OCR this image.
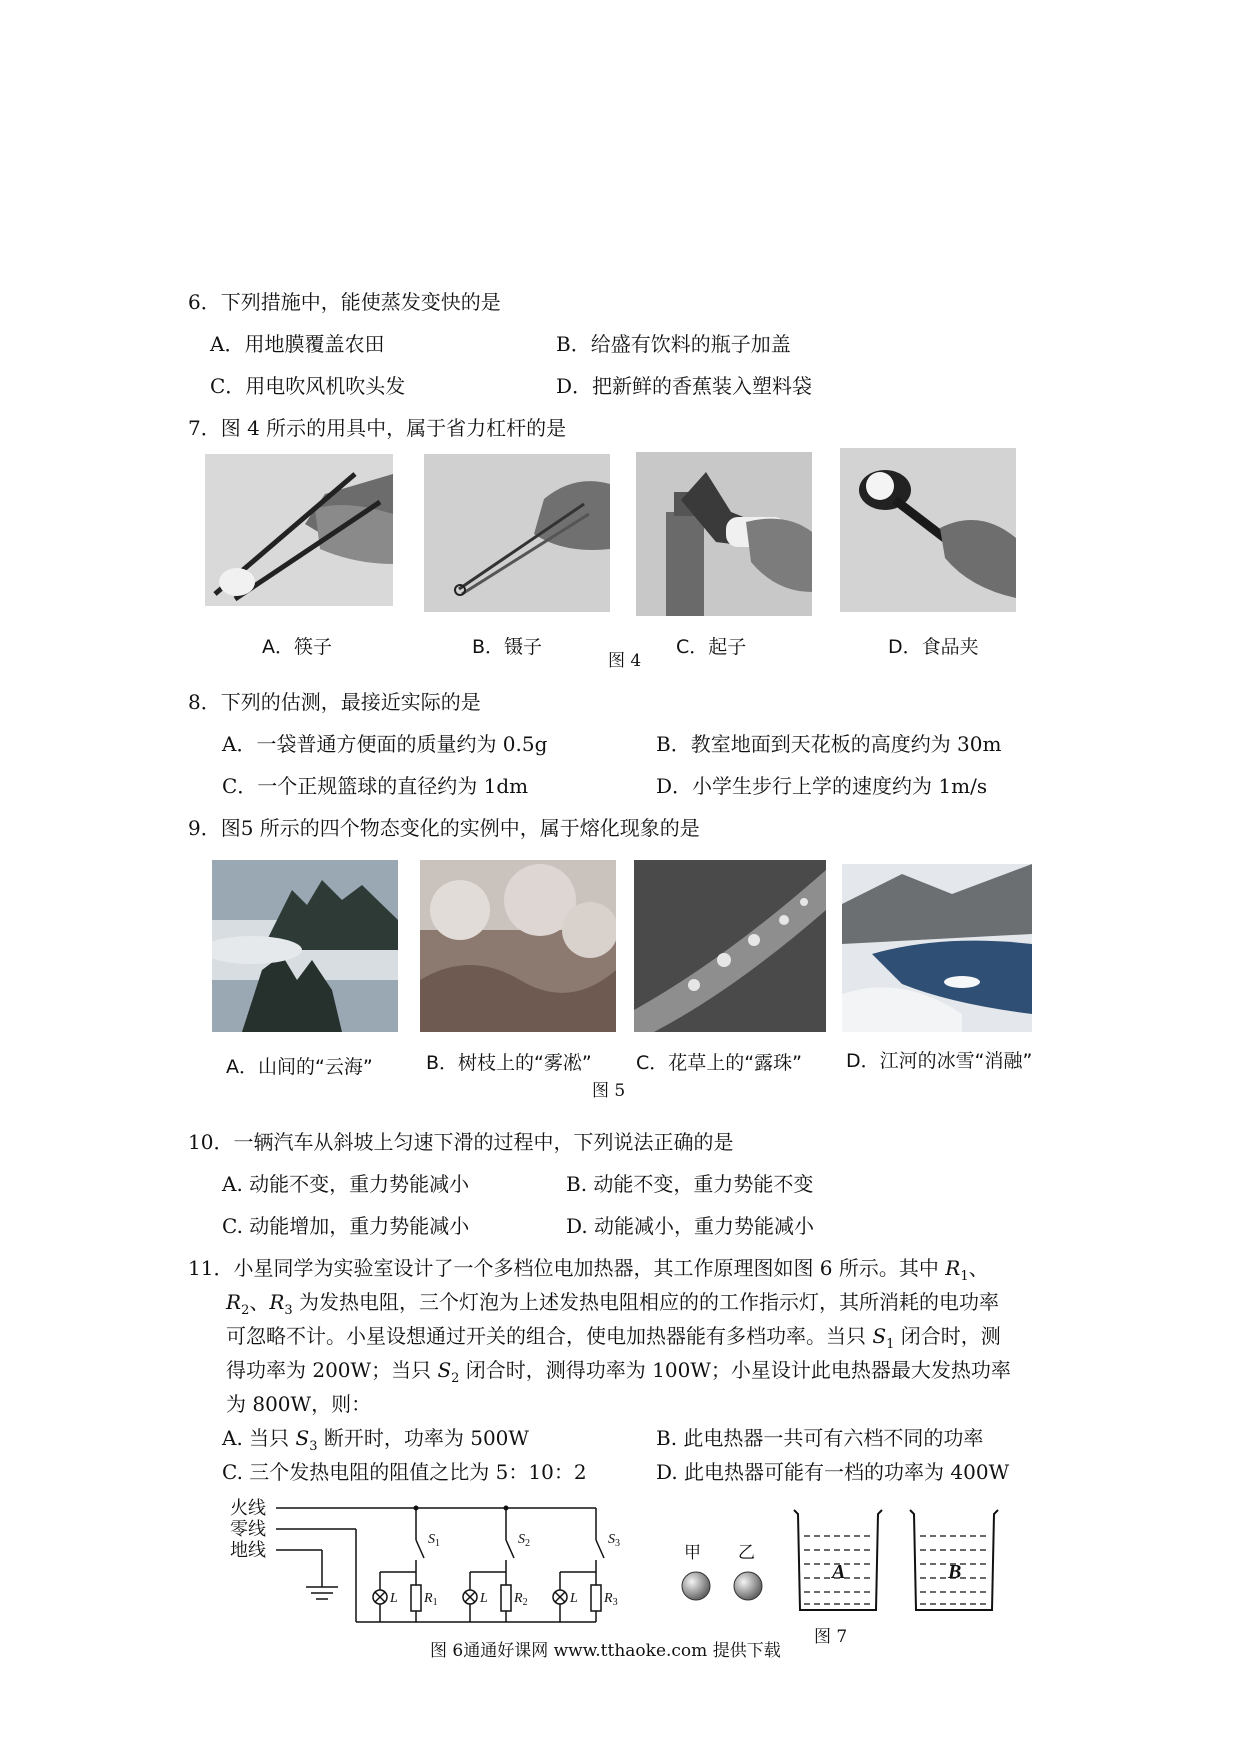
6．下列措施中，能使蒸发变快的是
A．用地膜覆盖农田	B．给盛有饮料的瓶子加盖
C．用电吹风机吹头发	D．把新鲜的香蕉装入塑料袋
7．图 4 所示的用具中，属于省力杠杆的是
A．筷子	B．镊子	C．起子	D．食品夹
图 4
8．下列的估测，最接近实际的是
A．一袋普通方便面的质量约为 0.5g	B．教室地面到天花板的高度约为 30m
C．一个正规篮球的直径约为 1dm	D．小学生步行上学的速度约为 1m/s
9．图5 所示的四个物态变化的实例中，属于熔化现象的是
A．山间的“云海”	B．树枝上的“雾凇” C．花草上的“露珠” D．江河的冰雪“消融”
图 5
10．一辆汽车从斜坡上匀速下滑的过程中，下列说法正确的是
A. 动能不变，重力势能减小	B. 动能不变，重力势能不变
C. 动能增加，重力势能减小	D. 动能减小，重力势能减小
11．小星同学为实验室设计了一个多档位电加热器，其工作原理图如图 6 所示。其中 $R_1$、
$R_2$、$R_3$ 为发热电阻，三个灯泡为上述发热电阻相应的的工作指示灯，其所消耗的电功率
可忽略不计。小星设想通过开关的组合，使电加热器能有多档功率。当只 $S_1$ 闭合时，测
得功率为 200W；当只 $S_2$ 闭合时，测得功率为 100W；小星设计此电热器最大发热功率
为 800W，则：
A. 当只 $S_3$ 断开时，功率为 500W	B. 此电热器一共可有六档不同的功率
C. 三个发热电阻的阻值之比为 5：10：2	D. 此电热器可能有一档的功率为 400W
火线
零线
地线
$S_1$	$S_2$	$S_3$
L	L	L
$R_1$	$R_2$	$R_3$
甲 乙
A	B
图 6通通好课网 www.tthaoke.com 提供下载
图 7
